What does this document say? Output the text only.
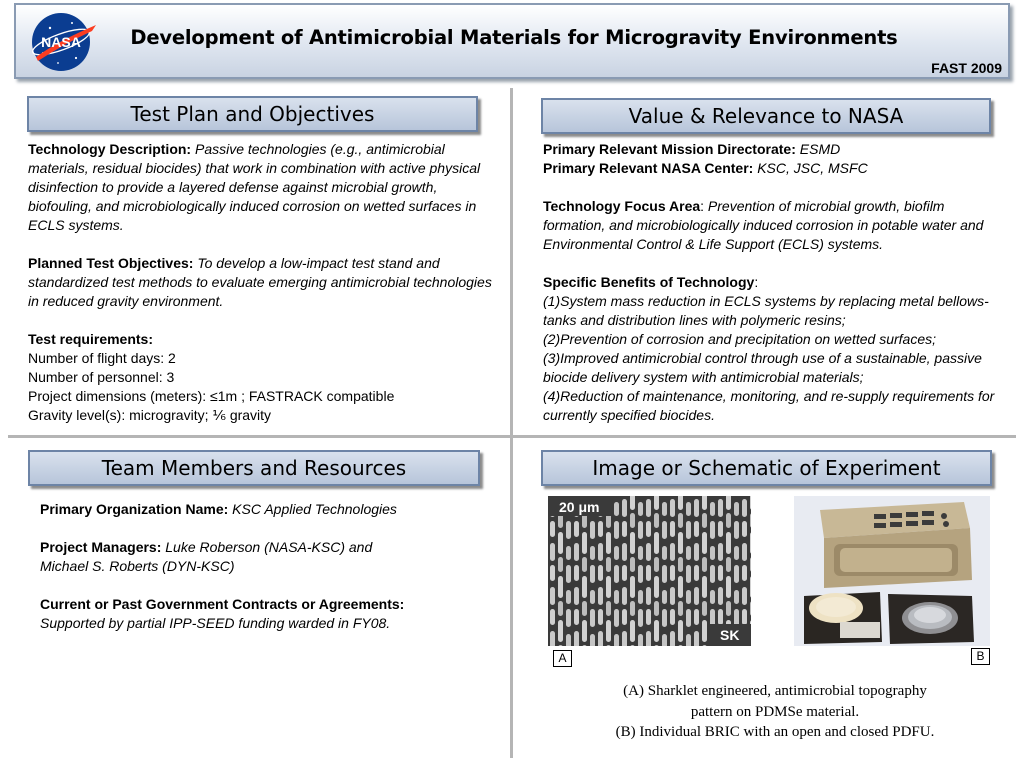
NASA	Development of Antimicrobial Materials for Microgravity Environments
FAST 2009
Test Plan and Objectives

Technology Description: Passive technologies (e.g., antimicrobial materials, residual biocides) that work in combination with active physical disinfection to provide a layered defense against microbial growth, biofouling, and microbiologically induced corrosion on wetted surfaces in ECLS systems.

Planned Test Objectives: To develop a low-impact test stand and standardized test methods to evaluate emerging antimicrobial technologies in reduced gravity environment.

Test requirements:

Number of flight days: 2

Number of personnel: 3

Project dimensions (meters): ≤1m ; FASTRACK compatible

Gravity level(s): microgravity; ⅙ gravity

Value & Relevance to NASA

Primary Relevant Mission Directorate: ESMD

Primary Relevant NASA Center: KSC, JSC, MSFC

Technology Focus Area: Prevention of microbial growth, biofilm formation, and microbiologically induced corrosion in potable water and Environmental Control & Life Support (ECLS) systems.

Specific Benefits of Technology:

(1)System mass reduction in ECLS systems by replacing metal bellows-tanks and distribution lines with polymeric resins;

(2)Prevention of corrosion and precipitation on wetted surfaces;

(3)Improved antimicrobial control through use of a sustainable, passive biocide delivery system with antimicrobial materials;

(4)Reduction of maintenance, monitoring, and re-supply requirements for currently specified biocides.

Team Members and Resources

Primary Organization Name: KSC Applied Technologies

Project Managers: Luke Roberson (NASA-KSC) and

Michael S. Roberts (DYN-KSC)

Current or Past Government Contracts or Agreements:

Supported by partial IPP-SEED funding warded in FY08.

Image or Schematic of Experiment
20 μm
SK
A	B

(A) Sharklet engineered, antimicrobial topography

pattern on PDMSe material.

(B) Individual BRIC with an open and closed PDFU.
